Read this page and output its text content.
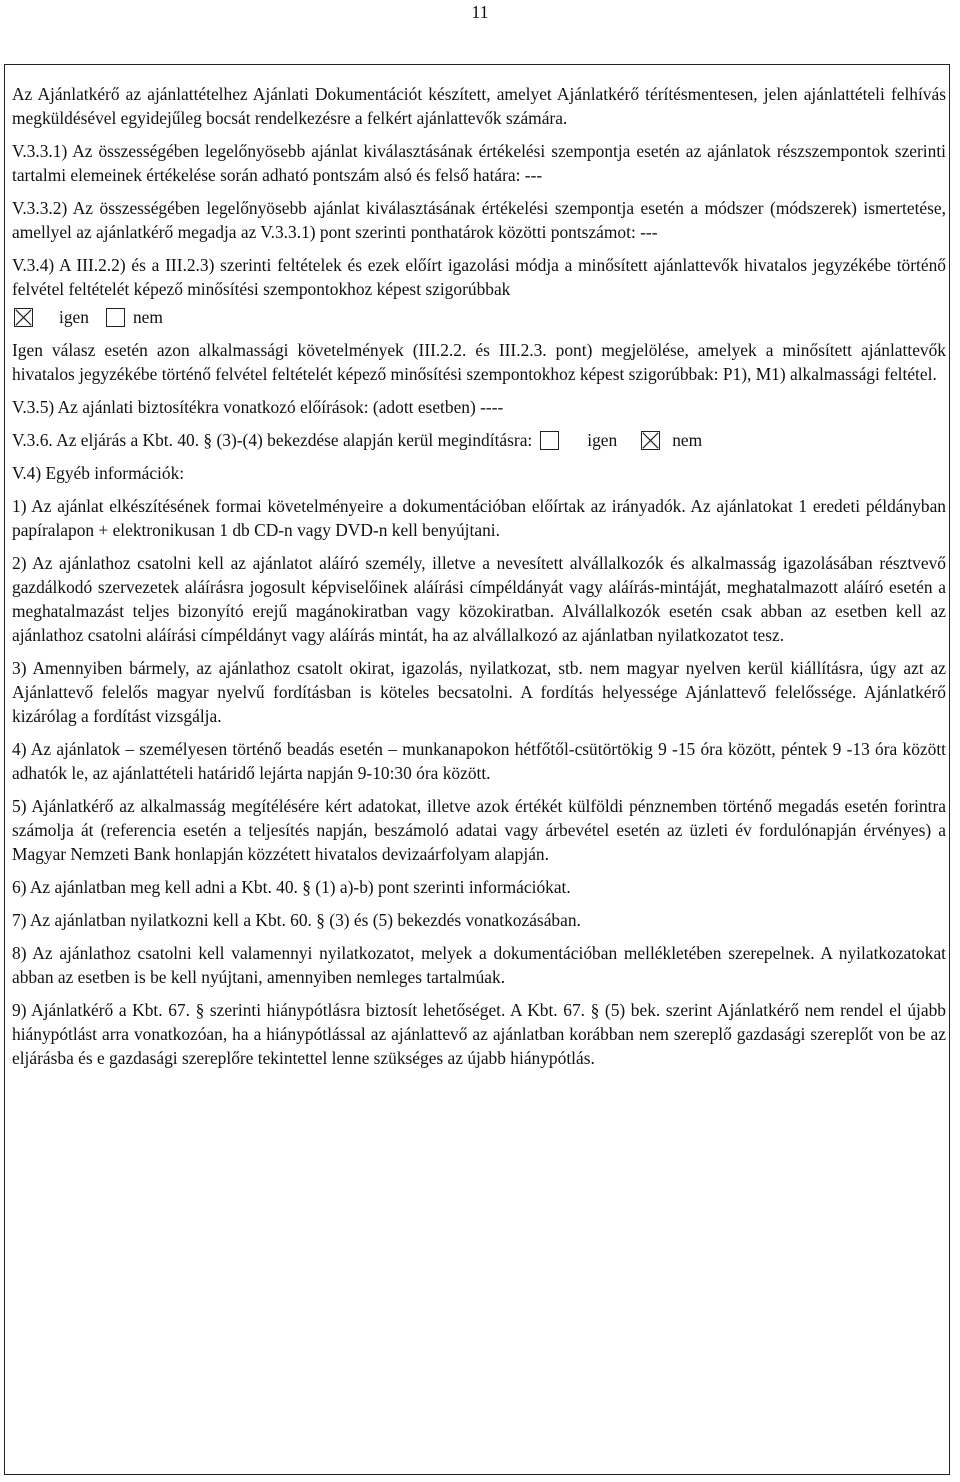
11

Az Ajánlatkérő az ajánlattételhez Ajánlati Dokumentációt készített, amelyet Ajánlatkérő térítésmentesen, jelen ajánlattételi felhívás megküldésével egyidejűleg bocsát rendelkezésre a felkért ajánlattevők számára.

V.3.3.1) Az összességében legelőnyösebb ajánlat kiválasztásának értékelési szempontja esetén az ajánlatok részszempontok szerinti tartalmi elemeinek értékelése során adható pontszám alsó és felső határa: ---

V.3.3.2) Az összességében legelőnyösebb ajánlat kiválasztásának értékelési szempontja esetén a módszer (módszerek) ismertetése, amellyel az ajánlatkérő megadja az V.3.3.1) pont szerinti ponthatárok közötti pontszámot: ---

V.3.4) A III.2.2) és a III.2.3) szerinti feltételek és ezek előírt igazolási módja a minősített ajánlattevők hivatalos jegyzékébe történő felvétel feltételét képező minősítési szempontokhoz képest szigorúbbak

igen	nem

Igen válasz esetén azon alkalmassági követelmények (III.2.2. és III.2.3. pont) megjelölése, amelyek a minősített ajánlattevők hivatalos jegyzékébe történő felvétel feltételét képező minősítési szempontokhoz képest szigorúbbak: P1), M1) alkalmassági feltétel.

V.3.5) Az ajánlati biztosítékra vonatkozó előírások: (adott esetben) ----

V.3.6. Az eljárás a Kbt. 40. § (3)-(4) bekezdése alapján kerül megindításra:	igen	nem

V.4) Egyéb információk:

1) Az ajánlat elkészítésének formai követelményeire a dokumentációban előírtak az irányadók. Az ajánlatokat 1 eredeti példányban papíralapon + elektronikusan 1 db CD-n vagy DVD-n kell benyújtani.

2) Az ajánlathoz csatolni kell az ajánlatot aláíró személy, illetve a nevesített alvállalkozók és alkalmasság igazolásában résztvevő gazdálkodó szervezetek aláírásra jogosult képviselőinek aláírási címpéldányát vagy aláírás-mintáját, meghatalmazott aláíró esetén a meghatalmazást teljes bizonyító erejű magánokiratban vagy közokiratban. Alvállalkozók esetén csak abban az esetben kell az ajánlathoz csatolni aláírási címpéldányt vagy aláírás mintát, ha az alvállalkozó az ajánlatban nyilatkozatot tesz.

3) Amennyiben bármely, az ajánlathoz csatolt okirat, igazolás, nyilatkozat, stb. nem magyar nyelven kerül kiállításra, úgy azt az Ajánlattevő felelős magyar nyelvű fordításban is köteles becsatolni. A fordítás helyessége Ajánlattevő felelőssége. Ajánlatkérő kizárólag a fordítást vizsgálja.

4) Az ajánlatok – személyesen történő beadás esetén – munkanapokon hétfőtől-csütörtökig 9 -15 óra között, péntek 9 -13 óra között adhatók le, az ajánlattételi határidő lejárta napján 9-10:30 óra között.

5) Ajánlatkérő az alkalmasság megítélésére kért adatokat, illetve azok értékét külföldi pénznemben történő megadás esetén forintra számolja át (referencia esetén a teljesítés napján, beszámoló adatai vagy árbevétel esetén az üzleti év fordulónapján érvényes) a Magyar Nemzeti Bank honlapján közzétett hivatalos devizaárfolyam alapján.

6) Az ajánlatban meg kell adni a Kbt. 40. § (1) a)-b) pont szerinti információkat.

7) Az ajánlatban nyilatkozni kell a Kbt. 60. § (3) és (5) bekezdés vonatkozásában.

8) Az ajánlathoz csatolni kell valamennyi nyilatkozatot, melyek a dokumentációban mellékletében szerepelnek. A nyilatkozatokat abban az esetben is be kell nyújtani, amennyiben nemleges tartalmúak.

9) Ajánlatkérő a Kbt. 67. § szerinti hiánypótlásra biztosít lehetőséget. A Kbt. 67. § (5) bek. szerint Ajánlatkérő nem rendel el újabb hiánypótlást arra vonatkozóan, ha a hiánypótlással az ajánlattevő az ajánlatban korábban nem szereplő gazdasági szereplőt von be az eljárásba és e gazdasági szereplőre tekintettel lenne szükséges az újabb hiánypótlás.
